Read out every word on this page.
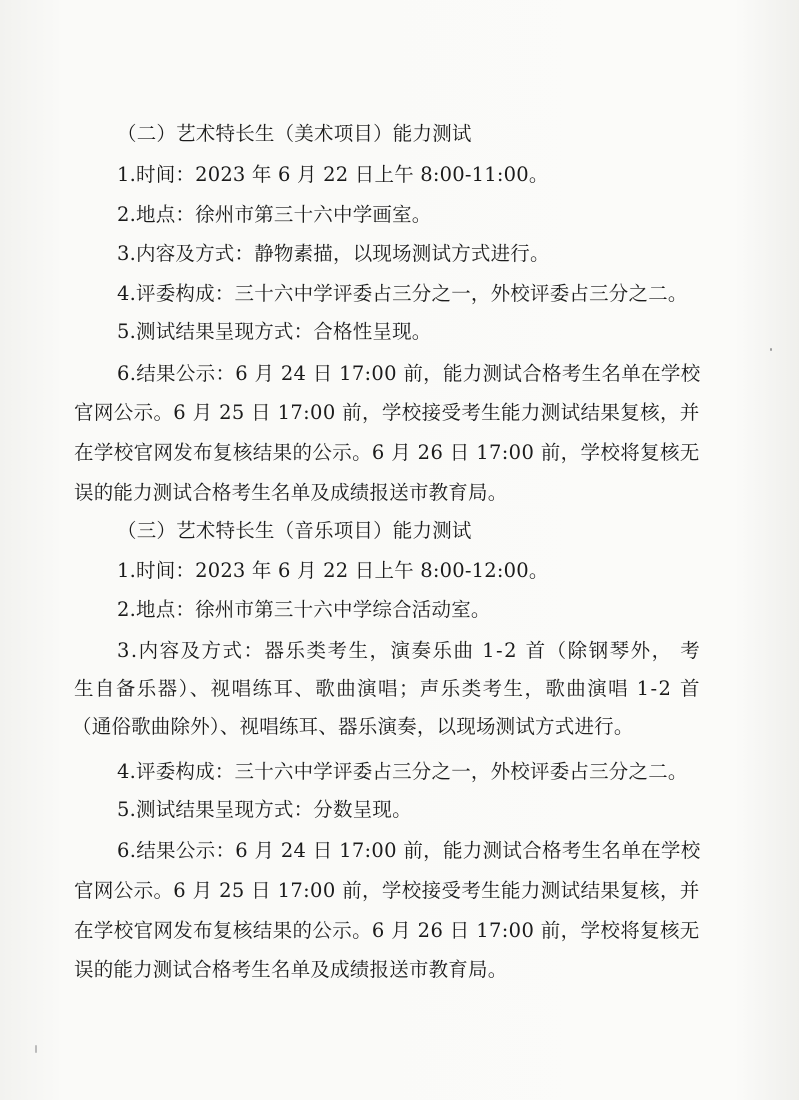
（二）艺术特长生（美术项目）能力测试
1.时间：2023 年 6 月 22 日上午 8:00-11:00。
2.地点：徐州市第三十六中学画室。
3.内容及方式：静物素描，以现场测试方式进行。
4.评委构成：三十六中学评委占三分之一，外校评委占三分之二。
5.测试结果呈现方式：合格性呈现。
6.结果公示：6 月 24 日 17:00 前，能力测试合格考生名单在学校
官网公示。6 月 25 日 17:00 前，学校接受考生能力测试结果复核，并
在学校官网发布复核结果的公示。6 月 26 日 17:00 前，学校将复核无
误的能力测试合格考生名单及成绩报送市教育局。
（三）艺术特长生（音乐项目）能力测试
1.时间：2023 年 6 月 22 日上午 8:00-12:00。
2.地点：徐州市第三十六中学综合活动室。
3.内容及方式：器乐类考生，演奏乐曲 1-2 首（除钢琴外， 考
生自备乐器）、视唱练耳、歌曲演唱；声乐类考生，歌曲演唱 1-2 首
（通俗歌曲除外）、视唱练耳、器乐演奏，以现场测试方式进行。
4.评委构成：三十六中学评委占三分之一，外校评委占三分之二。
5.测试结果呈现方式：分数呈现。
6.结果公示：6 月 24 日 17:00 前，能力测试合格考生名单在学校
官网公示。6 月 25 日 17:00 前，学校接受考生能力测试结果复核，并
在学校官网发布复核结果的公示。6 月 26 日 17:00 前，学校将复核无
误的能力测试合格考生名单及成绩报送市教育局。
